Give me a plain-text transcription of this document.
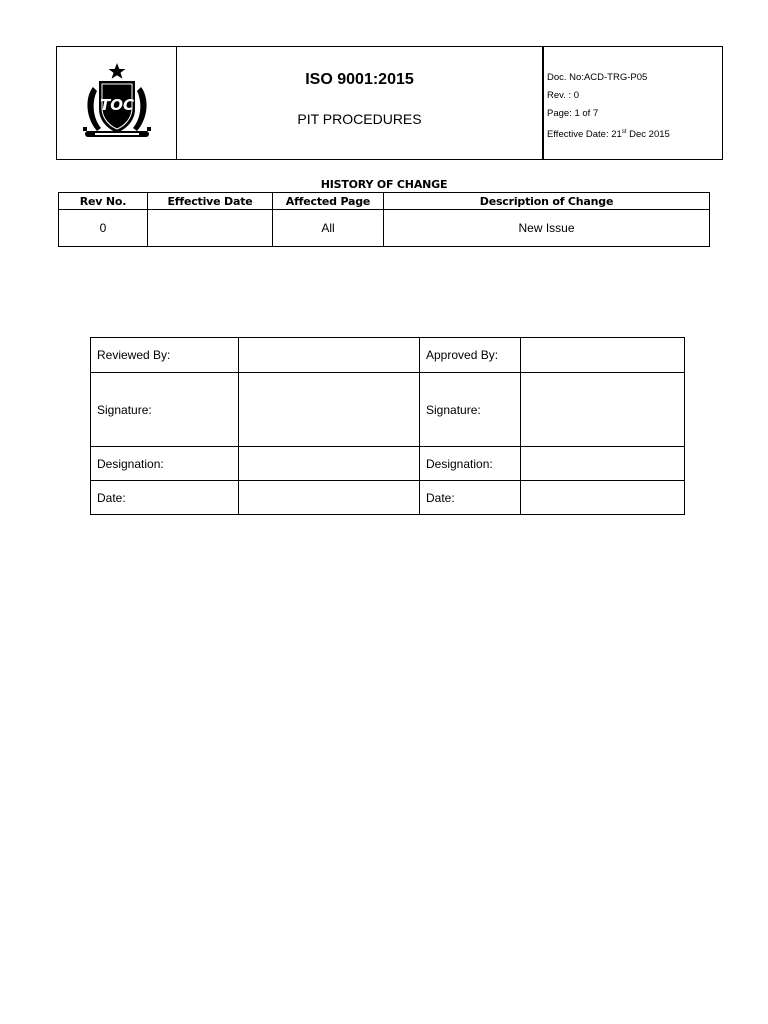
TOC
ISO 9001:2015
PIT PROCEDURES
Doc. No:ACD-TRG-P05
Rev. : 0
Page: 1 of 7
Effective Date: 21st Dec 2015
HISTORY OF CHANGE
Rev No.	Effective Date	Affected Page	Description of Change
0		All	New Issue
Reviewed By:		Approved By:	
Signature:		Signature:	
Designation:		Designation:	
Date:		Date:	
